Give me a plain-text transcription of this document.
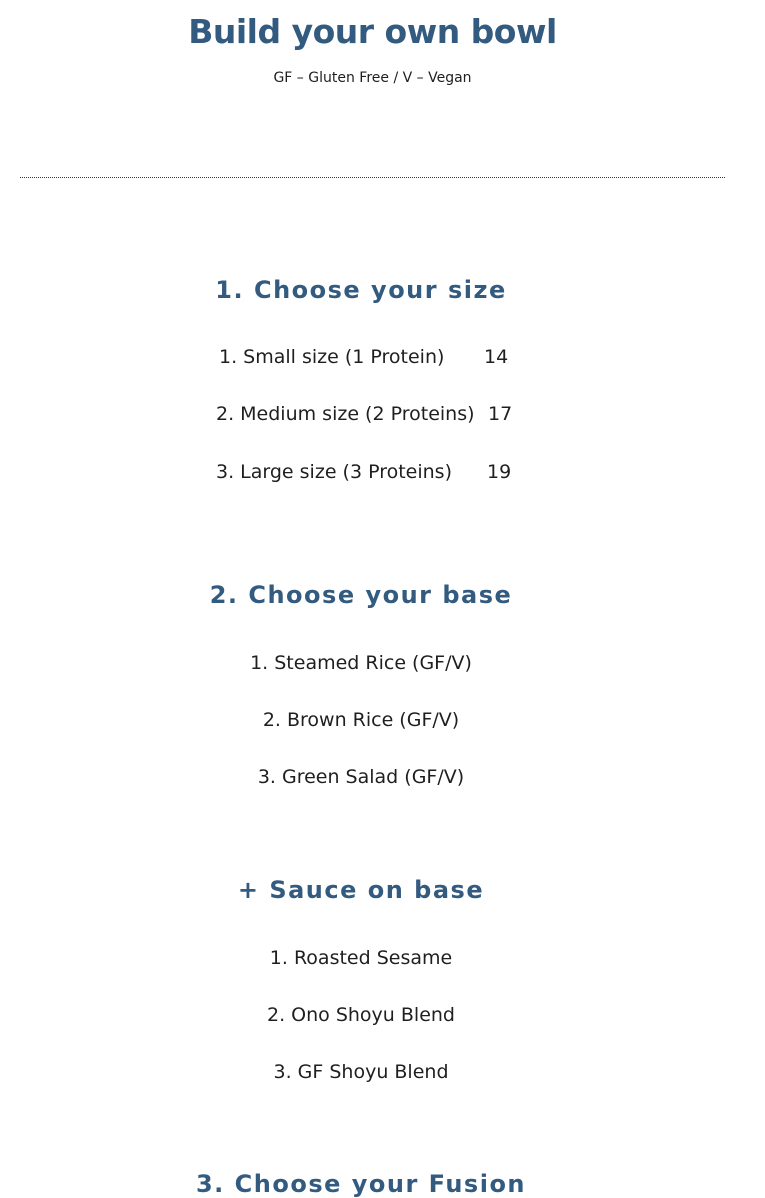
Build your own bowl
GF – Gluten Free / V – Vegan
1. Choose your size
1. Small size (1 Protein) 14
2. Medium size (2 Proteins) 17
3. Large size (3 Proteins) 19
2. Choose your base
1. Steamed Rice (GF/V)
2. Brown Rice (GF/V)
3. Green Salad (GF/V)
+ Sauce on base
1. Roasted Sesame
2. Ono Shoyu Blend
3. GF Shoyu Blend
3. Choose your Fusion
